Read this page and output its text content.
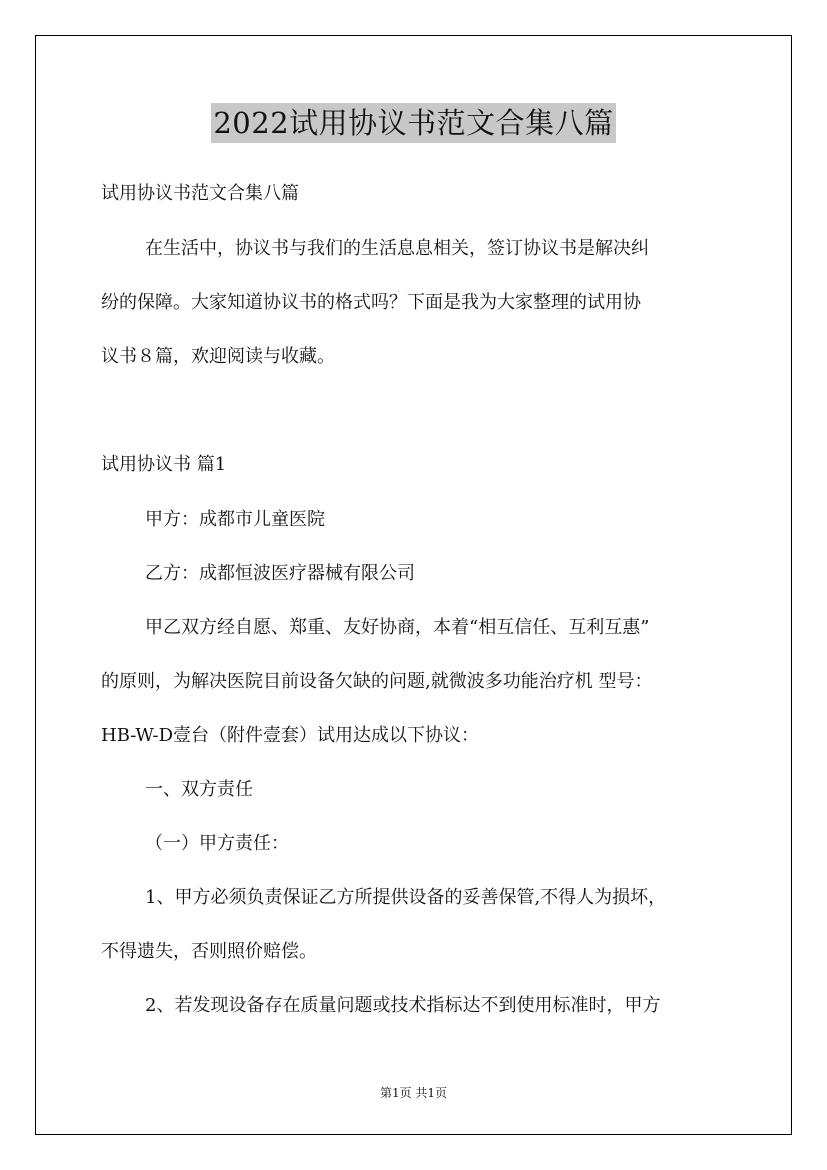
2022试用协议书范文合集八篇
试用协议书范文合集八篇
在生活中，协议书与我们的生活息息相关，签订协议书是解决纠
纷的保障。大家知道协议书的格式吗？下面是我为大家整理的试用协
议书８篇，欢迎阅读与收藏。
试用协议书 篇1
甲方：成都市儿童医院
乙方：成都恒波医疗器械有限公司
甲乙双方经自愿、郑重、友好协商，本着“相互信任、互利互惠”
的原则，为解决医院目前设备欠缺的问题,就微波多功能治疗机 型号：
HB-W-D壹台（附件壹套）试用达成以下协议：
一、双方责任
（一）甲方责任：
1、甲方必须负责保证乙方所提供设备的妥善保管,不得人为损坏，
不得遗失，否则照价赔偿。
2、若发现设备存在质量问题或技术指标达不到使用标准时，甲方
第1页 共1页
